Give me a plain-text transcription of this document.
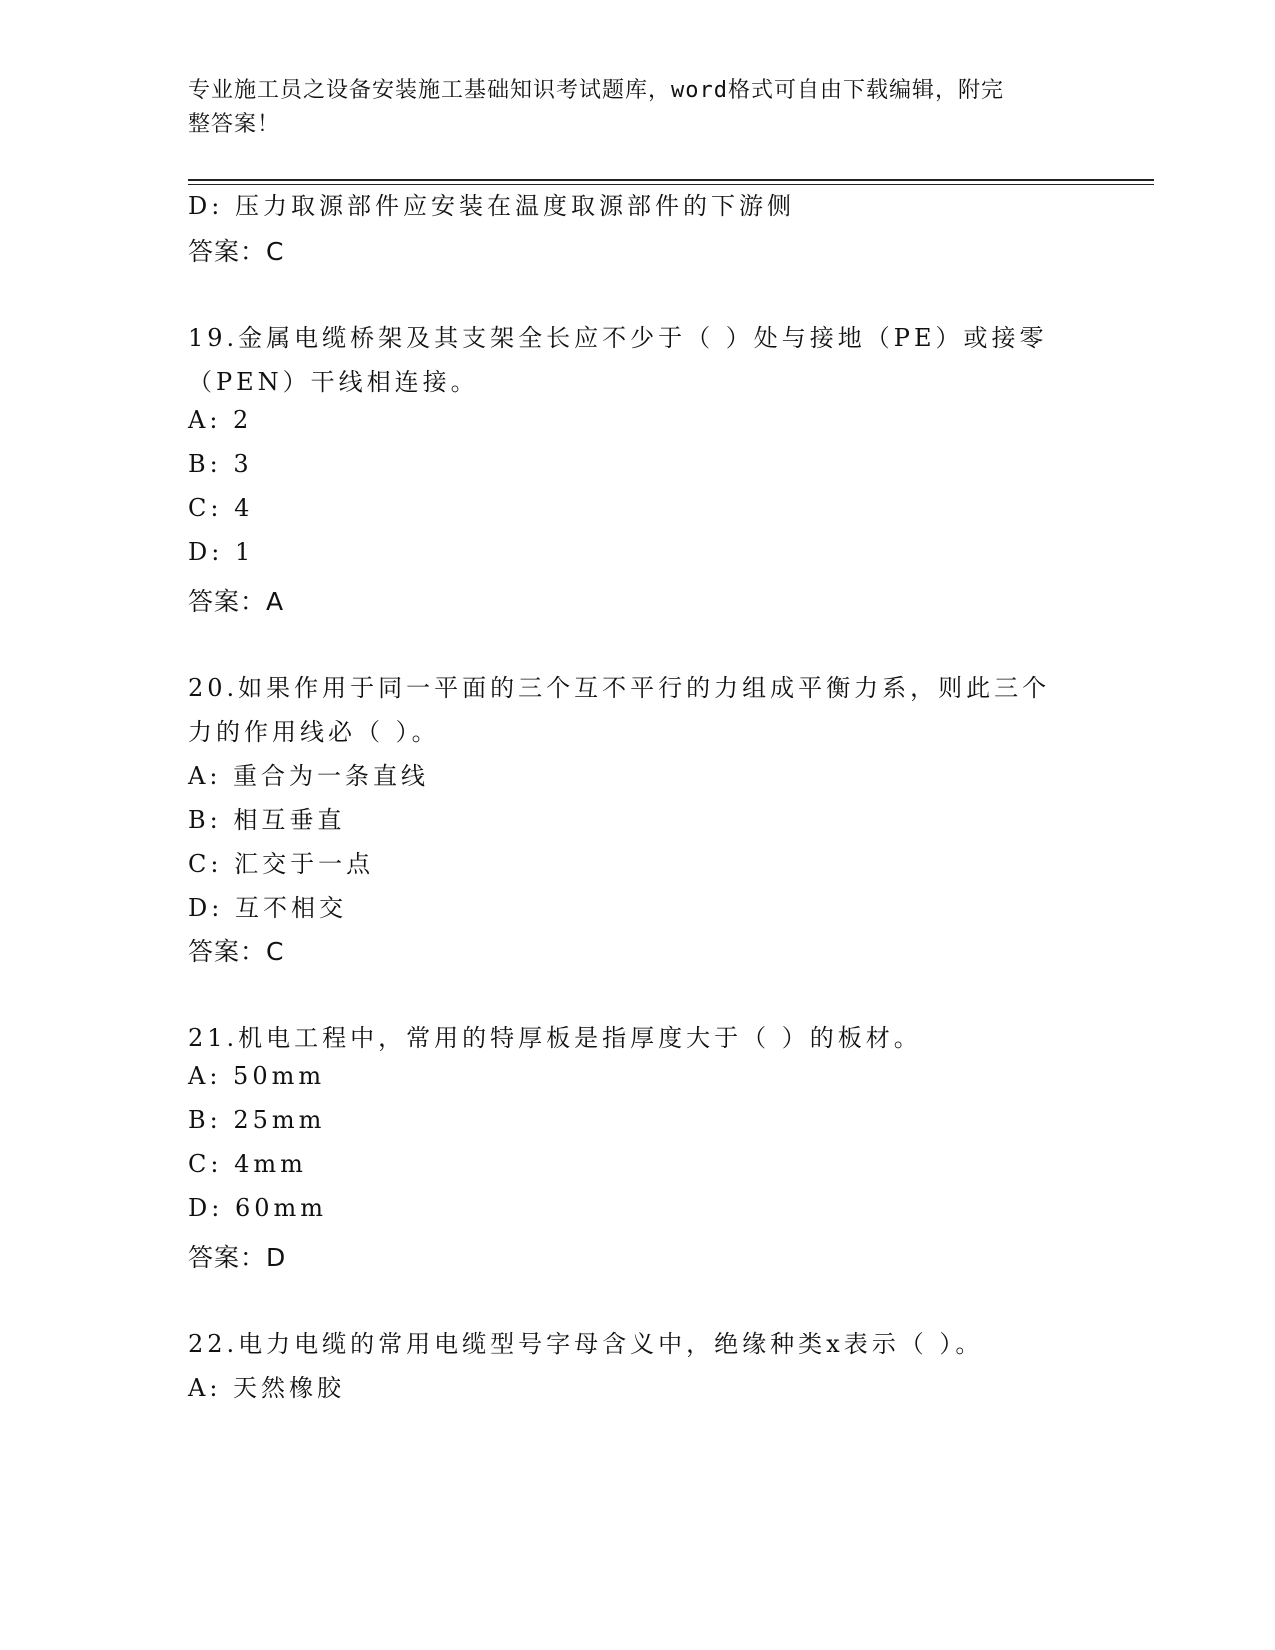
专业施工员之设备安装施工基础知识考试题库，word格式可自由下载编辑，附完
整答案！
D: 压力取源部件应安装在温度取源部件的下游侧
答案：C
19.金属电缆桥架及其支架全长应不少于（ ）处与接地（PE）或接零
（PEN）干线相连接。
A: 2
B: 3
C: 4
D: 1
答案：A
20.如果作用于同一平面的三个互不平行的力组成平衡力系，则此三个
力的作用线必（ ）。
A: 重合为一条直线
B: 相互垂直
C: 汇交于一点
D: 互不相交
答案：C
21.机电工程中，常用的特厚板是指厚度大于（ ）的板材。
A: 50mm
B: 25mm
C: 4mm
D: 60mm
答案：D
22.电力电缆的常用电缆型号字母含义中，绝缘种类x表示（ ）。
A: 天然橡胶
